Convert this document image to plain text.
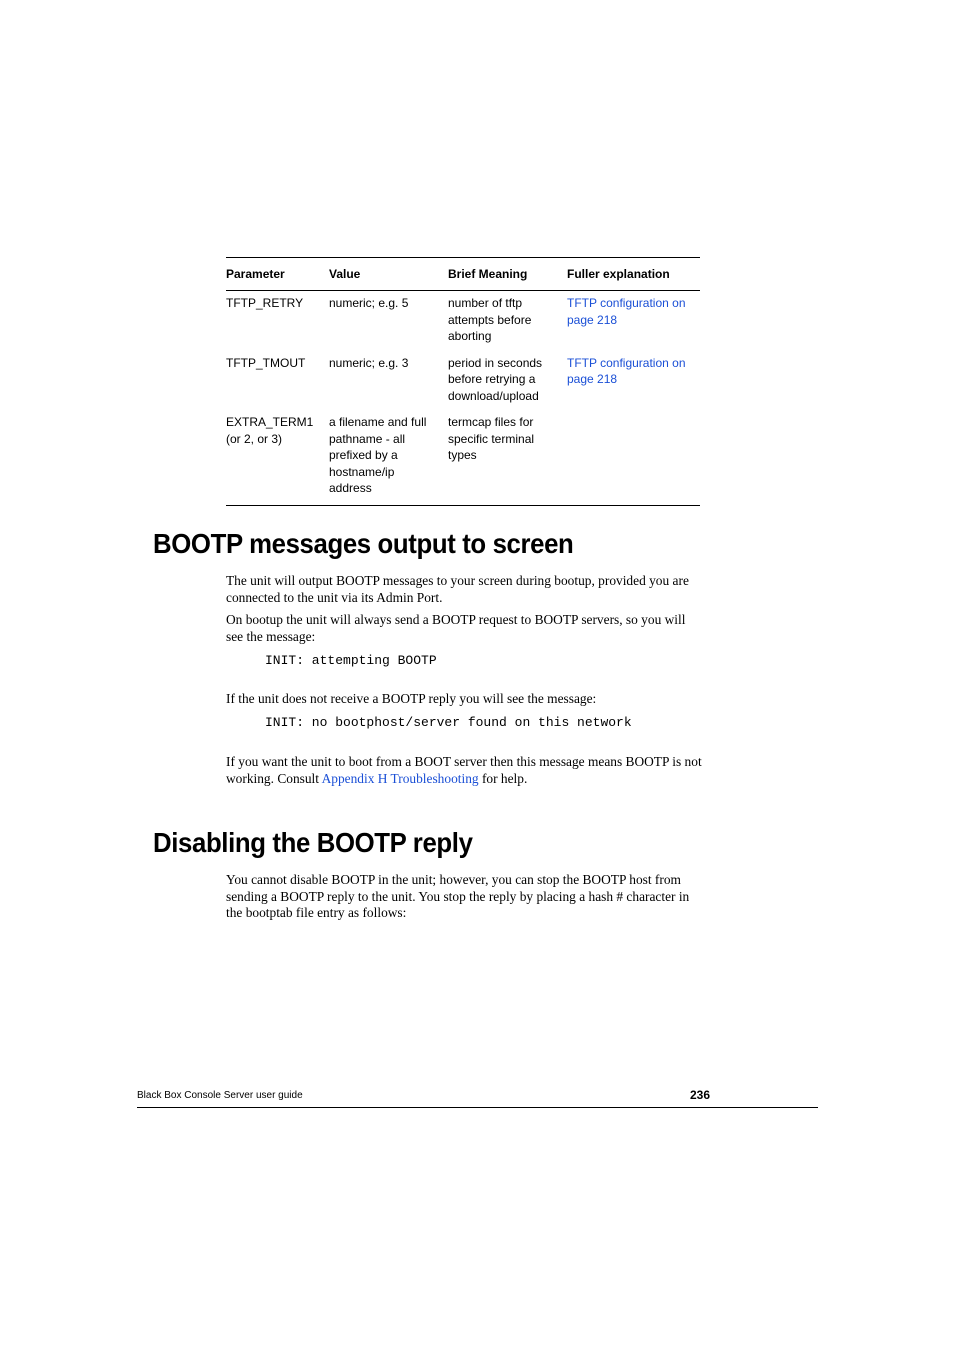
Parameter	Value	Brief Meaning	Fuller explanation

TFTP_RETRY	numeric; e.g. 5	number of tftp attempts before aborting	TFTP configuration on page 218

TFTP_TMOUT	numeric; e.g. 3	period in seconds before retrying a download/upload	TFTP configuration on page 218

EXTRA_TERM1 (or 2, or 3)	a filename and full pathname - all prefixed by a hostname/ip address	termcap files for specific terminal types	

BOOTP messages output to screen

The unit will output BOOTP messages to your screen during bootup, provided you are connected to the unit via its Admin Port.

On bootup the unit will always send a BOOTP request to BOOTP servers, so you will see the message:

INIT: attempting BOOTP

If the unit does not receive a BOOTP reply you will see the message:

INIT: no bootphost/server found on this network

If you want the unit to boot from a BOOT server then this message means BOOTP is not working. Consult Appendix H Troubleshooting for help.

Disabling the BOOTP reply

You cannot disable BOOTP in the unit; however, you can stop the BOOTP host from sending a BOOTP reply to the unit. You stop the reply by placing a hash # character in the bootptab file entry as follows:

Black Box Console Server user guide	236
